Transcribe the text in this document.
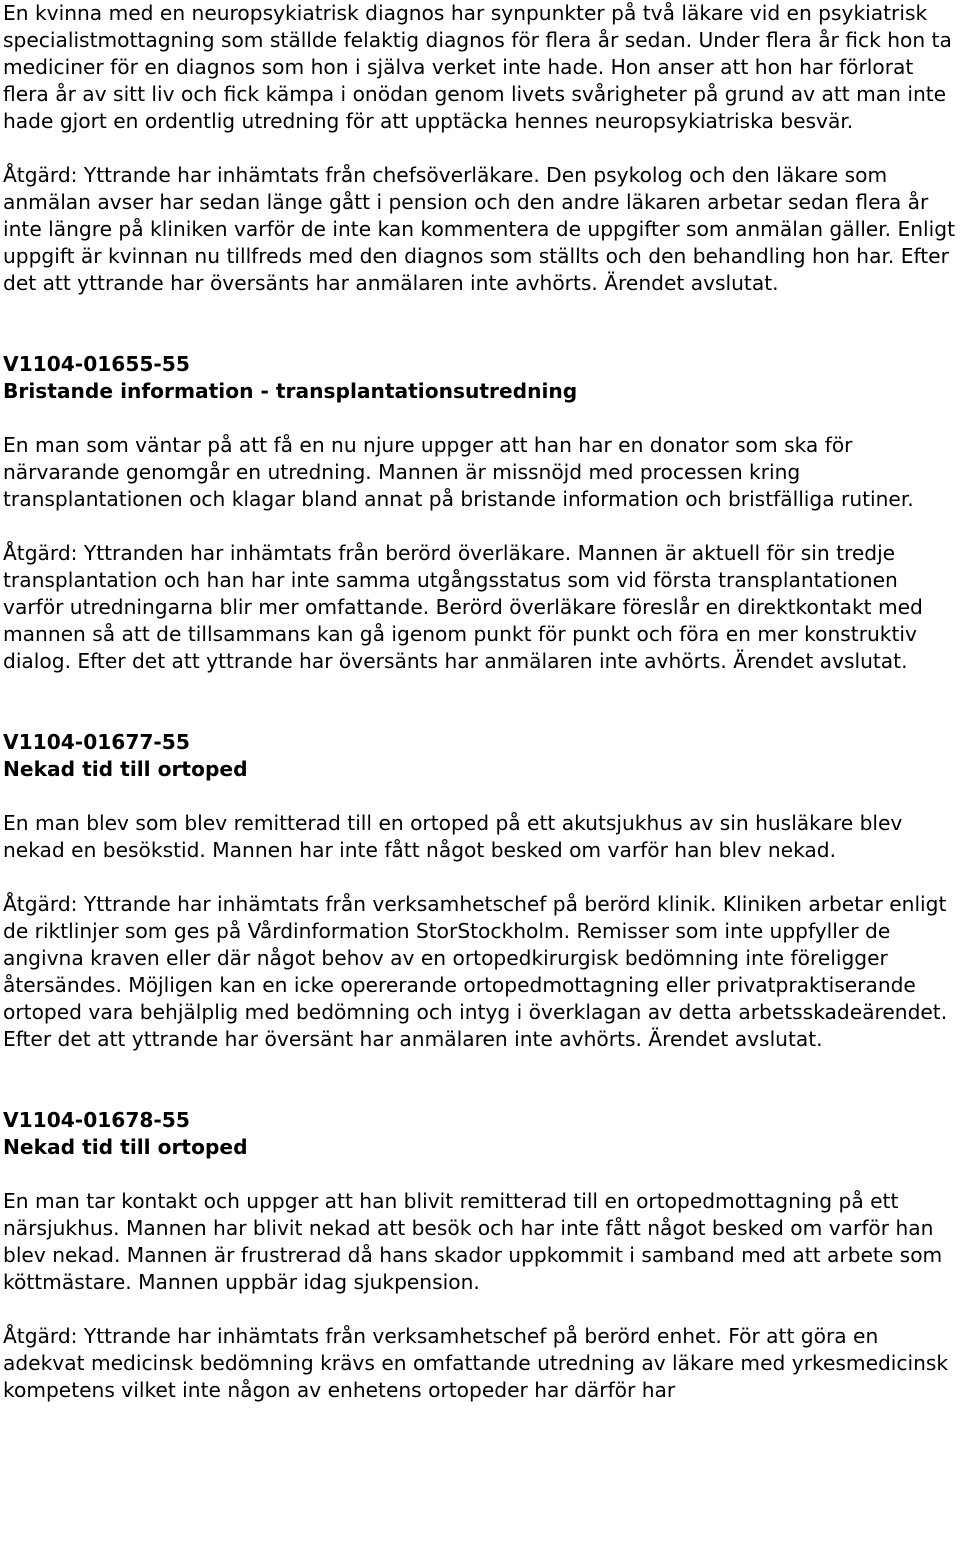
En kvinna med en neuropsykiatrisk diagnos har synpunkter på två läkare vid en psykiatrisk specialistmottagning som ställde felaktig diagnos för flera år sedan. Under flera år fick hon ta mediciner för en diagnos som hon i själva verket inte hade. Hon anser att hon har förlorat flera år av sitt liv och fick kämpa i onödan genom livets svårigheter på grund av att man inte hade gjort en ordentlig utredning för att upptäcka hennes neuropsykiatriska besvär.

Åtgärd: Yttrande har inhämtats från chefsöverläkare. Den psykolog och den läkare som anmälan avser har sedan länge gått i pension och den andre läkaren arbetar sedan flera år inte längre på kliniken varför de inte kan kommentera de uppgifter som anmälan gäller. Enligt uppgift är kvinnan nu tillfreds med den diagnos som ställts och den behandling hon har. Efter det att yttrande har översänts har anmälaren inte avhörts. Ärendet avslutat.

V1104-01655-55

Bristande information - transplantationsutredning

En man som väntar på att få en nu njure uppger att han har en donator som ska för närvarande genomgår en utredning. Mannen är missnöjd med processen kring transplantationen och klagar bland annat på bristande information och bristfälliga rutiner.

Åtgärd: Yttranden har inhämtats från berörd överläkare. Mannen är aktuell för sin tredje transplantation och han har inte samma utgångsstatus som vid första transplantationen varför utredningarna blir mer omfattande. Berörd överläkare föreslår en direktkontakt med mannen så att de tillsammans kan gå igenom punkt för punkt och föra en mer konstruktiv dialog. Efter det att yttrande har översänts har anmälaren inte avhörts. Ärendet avslutat.

V1104-01677-55

Nekad tid till ortoped

En man blev som blev remitterad till en ortoped på ett akutsjukhus av sin husläkare blev nekad en besökstid. Mannen har inte fått något besked om varför han blev nekad.

Åtgärd: Yttrande har inhämtats från verksamhetschef på berörd klinik. Kliniken arbetar enligt de riktlinjer som ges på Vårdinformation StorStockholm. Remisser som inte uppfyller de angivna kraven eller där något behov av en ortopedkirurgisk bedömning inte föreligger återsändes. Möjligen kan en icke opererande ortopedmottagning eller privatpraktiserande ortoped vara behjälplig med bedömning och intyg i överklagan av detta arbetsskadeärendet. Efter det att yttrande har översänt har anmälaren inte avhörts. Ärendet avslutat.

V1104-01678-55

Nekad tid till ortoped

En man tar kontakt och uppger att han blivit remitterad till en ortopedmottagning på ett närsjukhus. Mannen har blivit nekad att besök och har inte fått något besked om varför han blev nekad. Mannen är frustrerad då hans skador uppkommit i samband med att arbete som köttmästare. Mannen uppbär idag sjukpension.

Åtgärd: Yttrande har inhämtats från verksamhetschef på berörd enhet. För att göra en adekvat medicinsk bedömning krävs en omfattande utredning av läkare med yrkesmedicinsk kompetens vilket inte någon av enhetens ortopeder har därför har
